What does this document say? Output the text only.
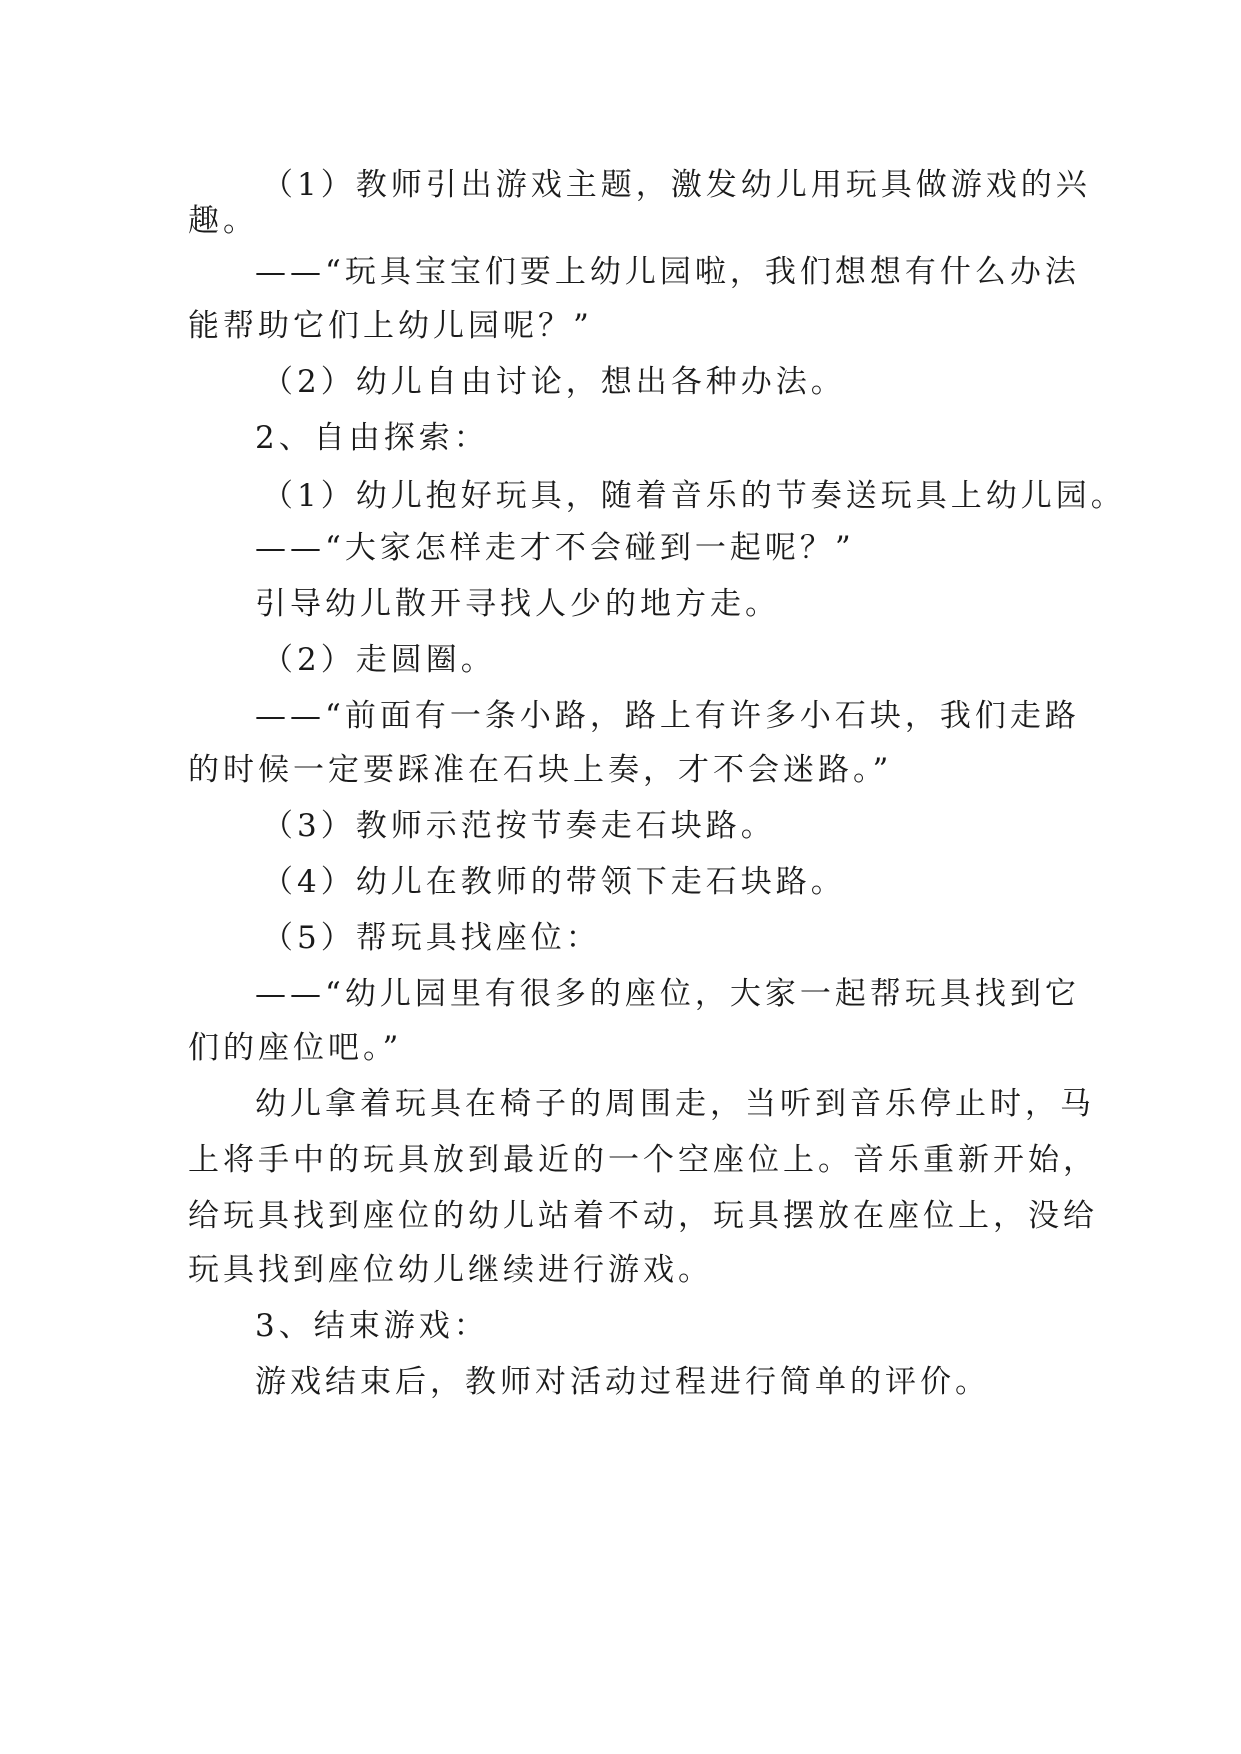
（1）教师引出游戏主题，激发幼儿用玩具做游戏的兴
趣。
——“玩具宝宝们要上幼儿园啦，我们想想有什么办法
能帮助它们上幼儿园呢？”
（2）幼儿自由讨论，想出各种办法。
2、自由探索：
（1）幼儿抱好玩具，随着音乐的节奏送玩具上幼儿园。
——“大家怎样走才不会碰到一起呢？”
引导幼儿散开寻找人少的地方走。
（2）走圆圈。
——“前面有一条小路，路上有许多小石块，我们走路
的时候一定要踩准在石块上奏，才不会迷路。”
（3）教师示范按节奏走石块路。
（4）幼儿在教师的带领下走石块路。
（5）帮玩具找座位：
——“幼儿园里有很多的座位，大家一起帮玩具找到它
们的座位吧。”
幼儿拿着玩具在椅子的周围走，当听到音乐停止时，马
上将手中的玩具放到最近的一个空座位上。音乐重新开始，
给玩具找到座位的幼儿站着不动，玩具摆放在座位上，没给
玩具找到座位幼儿继续进行游戏。
3、结束游戏：
游戏结束后，教师对活动过程进行简单的评价。
